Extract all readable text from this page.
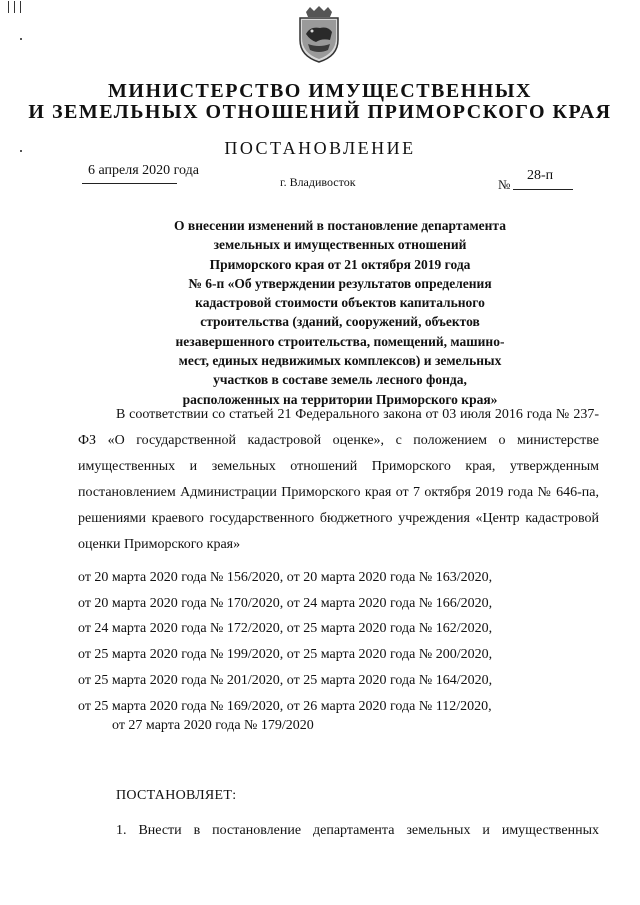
МИНИСТЕРСТВО ИМУЩЕСТВЕННЫХ
И ЗЕМЕЛЬНЫХ ОТНОШЕНИЙ ПРИМОРСКОГО КРАЯ
ПОСТАНОВЛЕНИЕ
6 апреля 2020 года
г. Владивосток	№
28-п
О внесении изменений в постановление департамента
земельных и имущественных отношений
Приморского края от 21 октября 2019 года
№ 6-п «Об утверждении результатов определения
кадастровой стоимости объектов капитального
строительства (зданий, сооружений, объектов
незавершенного строительства, помещений, машино-
мест, единых недвижимых комплексов) и земельных
участков в составе земель лесного фонда,
расположенных на территории Приморского края»

В соответствии со статьей 21 Федерального закона от 03 июля 2016 года № 237-ФЗ «О государственной кадастровой оценке», с положением о министерстве имущественных и земельных отношений Приморского края, утвержденным постановлением Администрации Приморского края от 7 октября 2019 года № 646-па, решениями краевого государственного бюджетного учреждения «Центр кадастровой оценки Приморского края»

от 20 марта 2020 года № 156/2020, от 20 марта 2020 года № 163/2020,
от 20 марта 2020 года № 170/2020, от 24 марта 2020 года № 166/2020,
от 24 марта 2020 года № 172/2020, от 25 марта 2020 года № 162/2020,
от 25 марта 2020 года № 199/2020, от 25 марта 2020 года № 200/2020,
от 25 марта 2020 года № 201/2020, от 25 марта 2020 года № 164/2020,
от 25 марта 2020 года № 169/2020, от 26 марта 2020 года № 112/2020,
от 27 марта 2020 года № 179/2020
ПОСТАНОВЛЯЕТ:
1. Внести в постановление департамента земельных и имущественных
